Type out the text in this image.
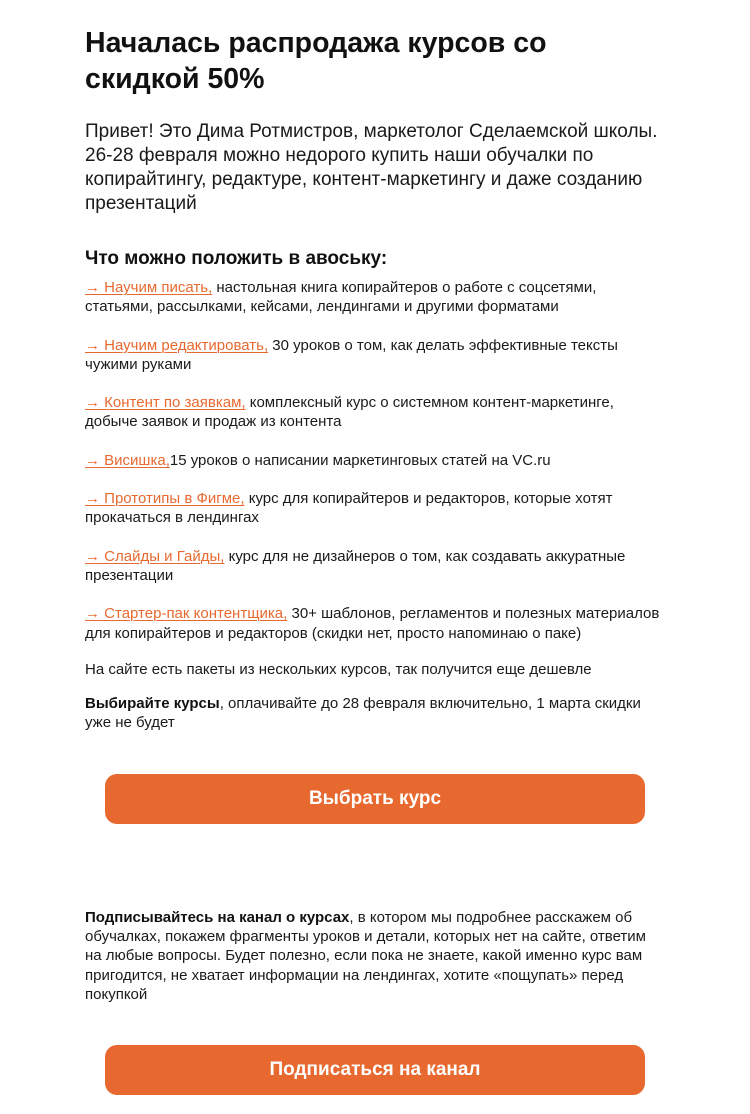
Началась распродажа курсов со скидкой 50%

Привет! Это Дима Ротмистров, маркетолог Сделаемской школы. 26-28 февраля можно недорого купить наши обучалки по копирайтингу, редактуре, контент-маркетингу и даже созданию презентаций

Что можно положить в авоську:
→ Научим писать, настольная книга копирайтеров о работе с соцсетями, статьями, рассылками, кейсами, лендингами и другими форматами
→ Научим редактировать, 30 уроков о том, как делать эффективные тексты чужими руками
→ Контент по заявкам, комплексный курс о системном контент-маркетинге, добыче заявок и продаж из контента
→ Висишка,15 уроков о написании маркетинговых статей на VC.ru
→ Прототипы в Фигме, курс для копирайтеров и редакторов, которые хотят прокачаться в лендингах
→ Слайды и Гайды, курс для не дизайнеров о том, как создавать аккуратные презентации
→ Стартер-пак контентщика, 30+ шаблонов, регламентов и полезных материалов для копирайтеров и редакторов (скидки нет, просто напоминаю о паке)

На сайте есть пакеты из нескольких курсов, так получится еще дешевле

Выбирайте курсы, оплачивайте до 28 февраля включительно, 1 марта скидки уже не будет

Выбрать курс

Подписывайтесь на канал о курсах, в котором мы подробнее расскажем об обучалках, покажем фрагменты уроков и детали, которых нет на сайте, ответим на любые вопросы. Будет полезно, если пока не знаете, какой именно курс вам пригодится, не хватает информации на лендингах, хотите «пощупать» перед покупкой

Подписаться на канал
